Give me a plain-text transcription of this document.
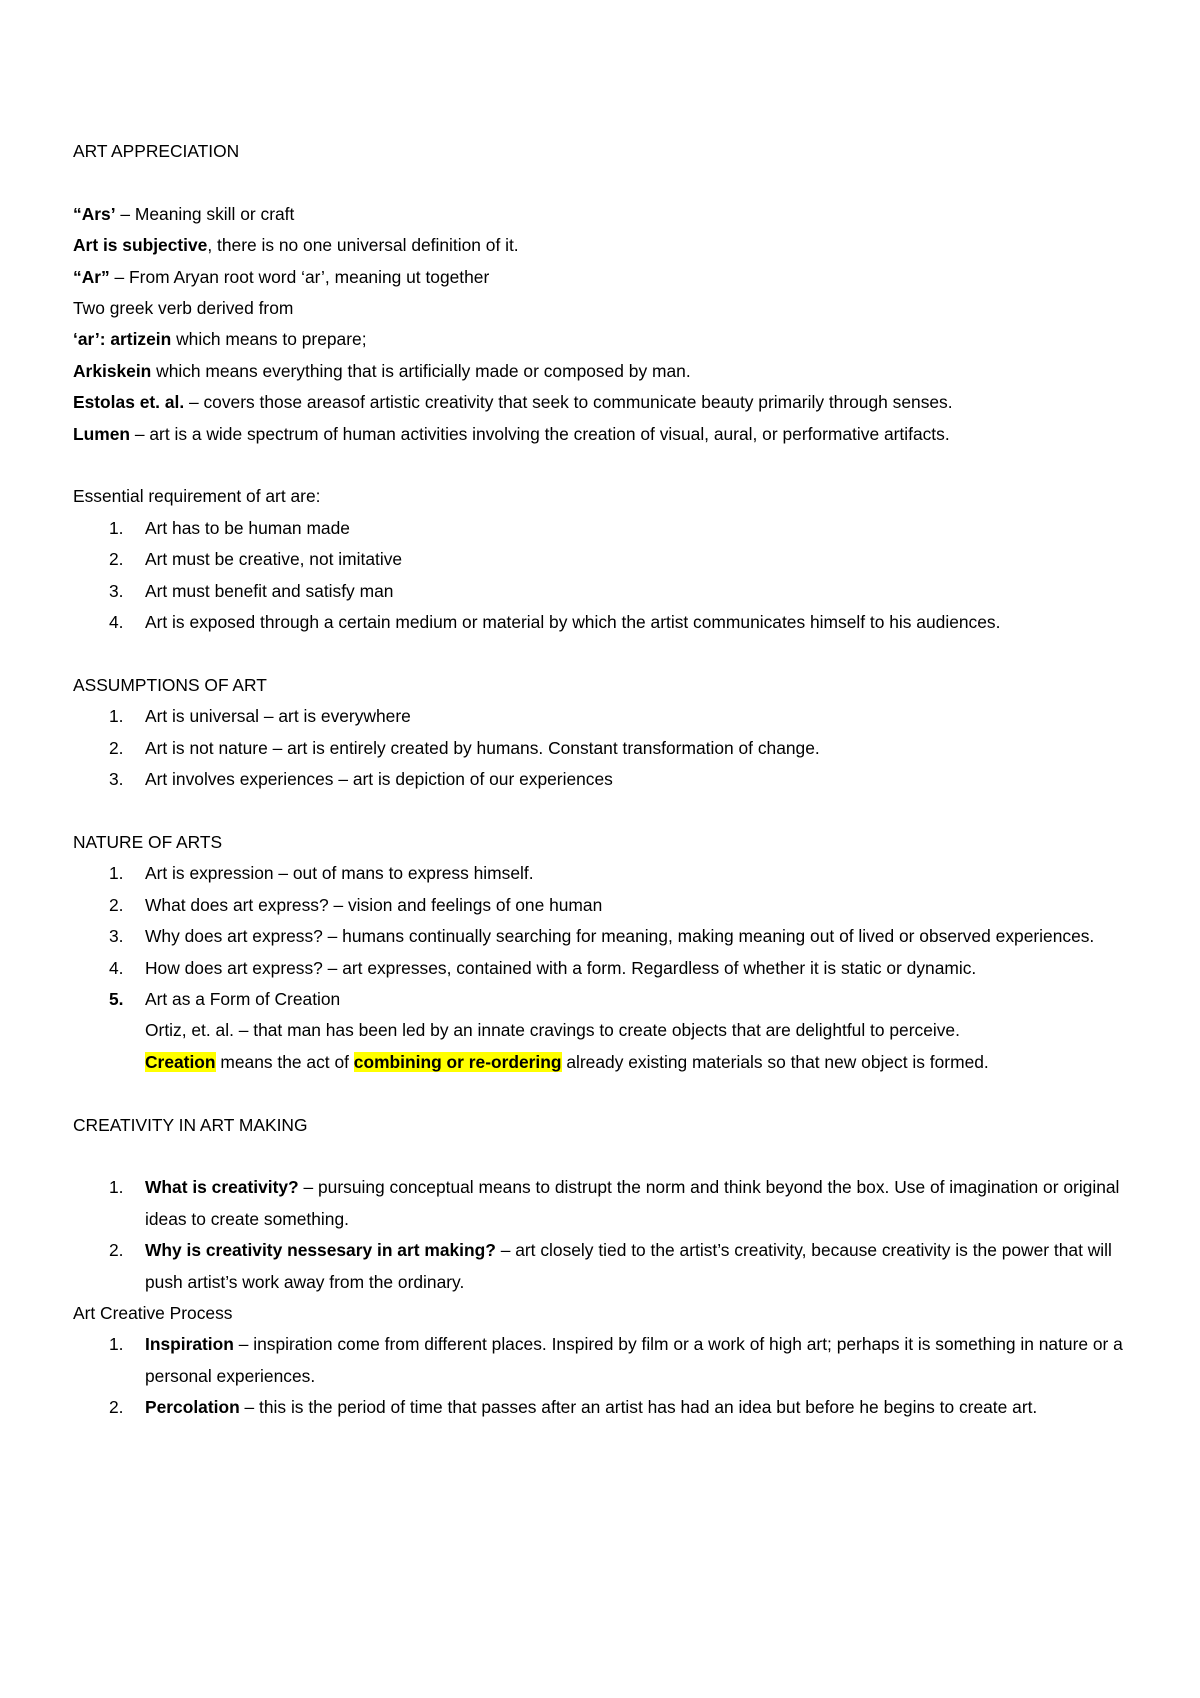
ART APPRECIATION
“Ars’ – Meaning skill or craft
Art is subjective, there is no one universal definition of it.
“Ar” – From Aryan root word ‘ar’, meaning ut together
Two greek verb derived from
‘ar’: artizein which means to prepare;
Arkiskein which means everything that is artificially made or composed by man.
Estolas et. al. – covers those areasof artistic creativity that seek to communicate beauty primarily through senses.
Lumen – art is a wide spectrum of human activities involving the creation of visual, aural, or performative artifacts.
Essential requirement of art are:
1. Art has to be human made
2. Art must be creative, not imitative
3. Art must benefit and satisfy man
4. Art is exposed through a certain medium or material by which the artist communicates himself to his audiences.
ASSUMPTIONS OF ART
1. Art is universal – art is everywhere
2. Art is not nature – art is entirely created by humans. Constant transformation of change.
3. Art involves experiences – art is depiction of our experiences
NATURE OF ARTS
1. Art is expression – out of mans to express himself.
2. What does art express? – vision and feelings of one human
3. Why does art express? – humans continually searching for meaning, making meaning out of lived or observed experiences.
4. How does art express? – art expresses, contained with a form. Regardless of whether it is static or dynamic.
5. Art as a Form of Creation
Ortiz, et. al. – that man has been led by an innate cravings to create objects that are delightful to perceive.
Creation means the act of combining or re-ordering already existing materials so that new object is formed.
CREATIVITY IN ART MAKING
1. What is creativity? – pursuing conceptual means to distrupt the norm and think beyond the box. Use of imagination or original ideas to create something.
2. Why is creativity nessesary in art making? – art closely tied to the artist’s creativity, because creativity is the power that will push artist’s work away from the ordinary.
Art Creative Process
1. Inspiration – inspiration come from different places. Inspired by film or a work of high art; perhaps it is something in nature or a personal experiences.
2. Percolation – this is the period of time that passes after an artist has had an idea but before he begins to create art.
